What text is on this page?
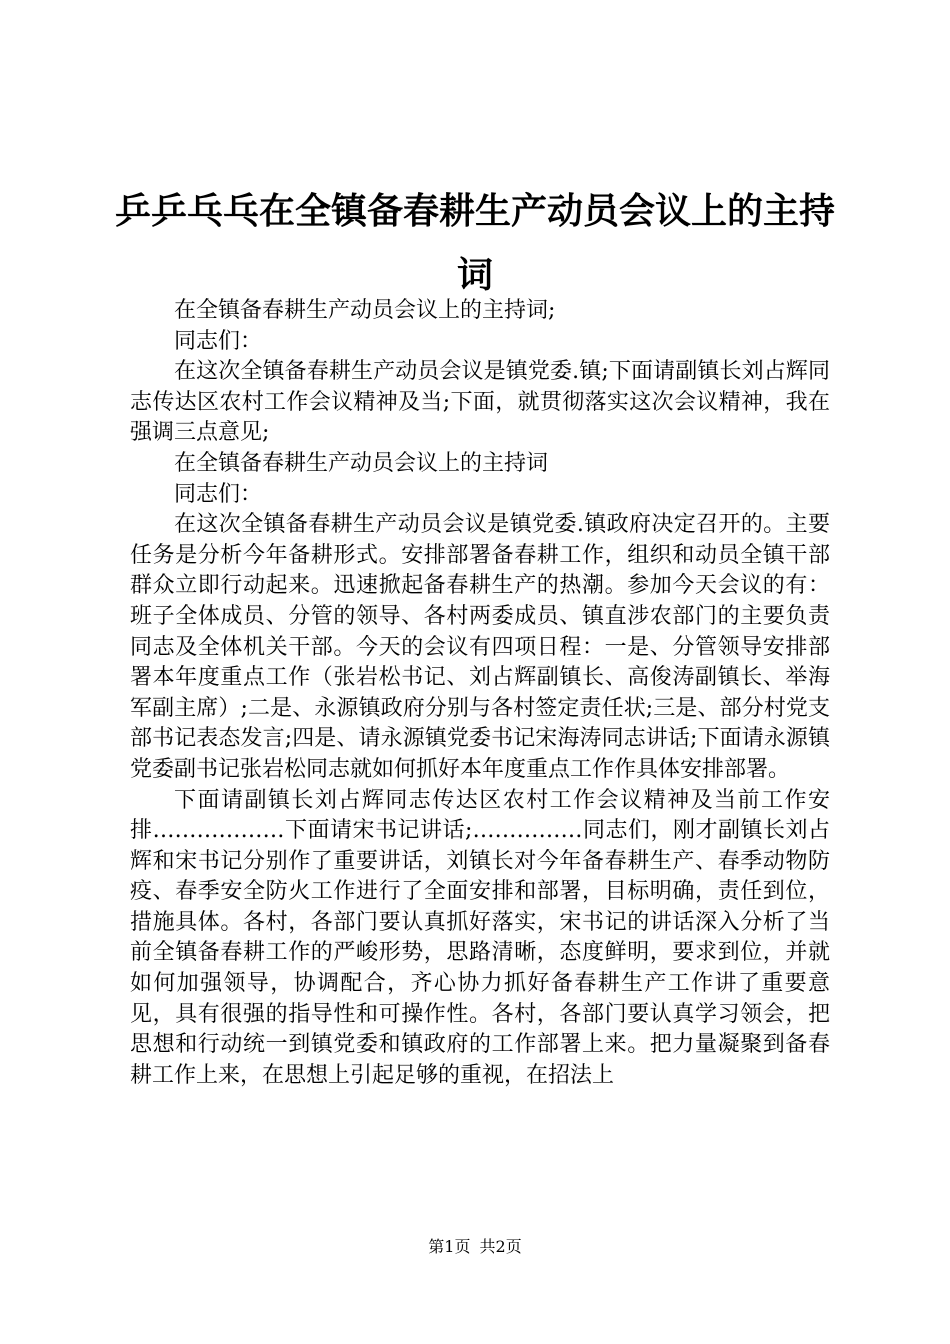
乒乒乓乓在全镇备春耕生产动员会议上的主持词

在全镇备春耕生产动员会议上的主持词;

同志们：

在这次全镇备春耕生产动员会议是镇党委.镇;下面请副镇长刘占辉同志传达区农村工作会议精神及当;下面，就贯彻落实这次会议精神，我在强调三点意见;

在全镇备春耕生产动员会议上的主持词

同志们：

在这次全镇备春耕生产动员会议是镇党委.镇政府决定召开的。主要任务是分析今年备耕形式。安排部署备春耕工作，组织和动员全镇干部群众立即行动起来。迅速掀起备春耕生产的热潮。参加今天会议的有：班子全体成员、分管的领导、各村两委成员、镇直涉农部门的主要负责同志及全体机关干部。今天的会议有四项日程：一是、分管领导安排部署本年度重点工作（张岩松书记、刘占辉副镇长、高俊涛副镇长、举海军副主席）;二是、永源镇政府分别与各村签定责任状;三是、部分村党支部书记表态发言;四是、请永源镇党委书记宋海涛同志讲话;下面请永源镇党委副书记张岩松同志就如何抓好本年度重点工作作具体安排部署。

下面请副镇长刘占辉同志传达区农村工作会议精神及当前工作安排………………下面请宋书记讲话;……………同志们，刚才副镇长刘占辉和宋书记分别作了重要讲话，刘镇长对今年备春耕生产、春季动物防疫、春季安全防火工作进行了全面安排和部署，目标明确，责任到位，措施具体。各村，各部门要认真抓好落实，宋书记的讲话深入分析了当前全镇备春耕工作的严峻形势，思路清晰，态度鲜明，要求到位，并就如何加强领导，协调配合，齐心协力抓好备春耕生产工作讲了重要意见，具有很强的指导性和可操作性。各村，各部门要认真学习领会，把思想和行动统一到镇党委和镇政府的工作部署上来。把力量凝聚到备春耕工作上来，在思想上引起足够的重视，在招法上

第1页 共2页
